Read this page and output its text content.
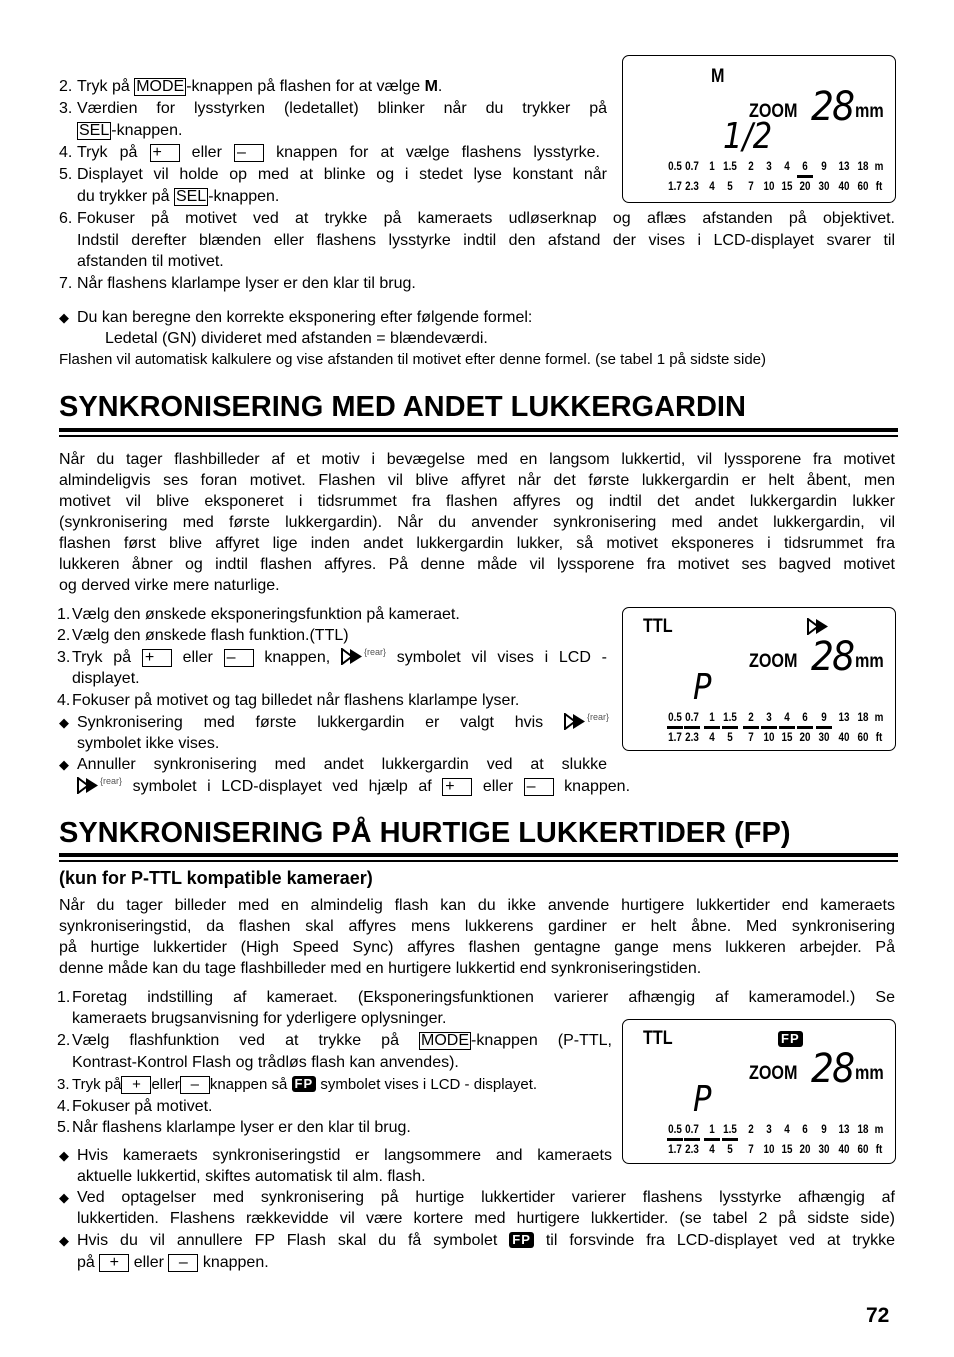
2. Tryk på MODE -knappen på flashen for at vælge M.
3. Værdien for lysstyrken (ledetallet) blinker når du trykker på
SEL -knappen.
4. Tryk på + eller – knappen for at vælge flashens lysstyrke.
5. Displayet vil holde op med at blinke og i stedet lyse konstant når
du trykker på SEL -knappen.
6. Fokuser på motivet ved at trykke på kameraets udløserknap og aflæs afstanden på objektivet.
Indstil derefter blænden eller flashens lysstyrke indtil den afstand der vises i LCD-displayet svarer til
afstanden til motivet.
7. Når flashens klarlampe lyser er den klar til brug.
◆ Du kan beregne den korrekte eksponering efter følgende formel:
Ledetal (GN) divideret med afstanden = blændeværdi.
Flashen vil automatisk kalkulere og vise afstanden til motivet efter denne formel. (se tabel 1 på sidste side)
M
ZOOM 28 mm
1/2
0.5 0.7 1 1.5 2 3 4 6 9 13 18 m
1.7 2.3 4 5 7 10 15 20 30 40 60 ft
SYNKRONISERING MED ANDET LUKKERGARDIN
Når du tager flashbilleder af et motiv i bevægelse med en langsom lukkertid, vil lyssporene fra motivet
almindeligvis ses foran motivet. Flashen vil blive affyret når det første lukkergardin er helt åbent, men
motivet vil blive eksponeret i tidsrummet fra flashen affyres og indtil det andet lukkergardin lukker
(synkronisering med første lukkergardin). Når du anvender synkronisering med andet lukkergardin, vil
flashen først blive affyret lige inden andet lukkergardin lukker, så motivet eksponeres i tidsrummet fra
lukkeren åbner og indtil flashen affyres. På denne måde vil lyssporene fra motivet ses bagved motivet
og derved virke mere naturlige.
1. Vælg den ønskede eksponeringsfunktion på kameraet.
2. Vælg den ønskede flash funktion.(TTL)
3. Tryk på + eller – knappen,	$^{\{rear\}}$ symbolet vil vises i LCD -
displayet.
4. Fokuser på motivet og tag billedet når flashens klarlampe lyser.
◆ Synkronisering med første lukkergardin er valgt hvis	$^{\{rear\}}$
symbolet ikke vises.
◆ Annuller synkronisering med andet lukkergardin ved at slukke
$^{\{rear\}}$ symbolet i LCD-displayet ved hjælp af + eller – knappen.
TTL
ZOOM 28 mm
P
0.5 0.7 1 1.5 2 3 4 6 9 13 18 m
1.7 2.3 4 5 7 10 15 20 30 40 60 ft
SYNKRONISERING PÅ HURTIGE LUKKERTIDER (FP)
(kun for P-TTL kompatible kameraer)
Når du tager billeder med en almindelig flash kan du ikke anvende hurtigere lukkertider end kameraets
synkroniseringstid, da flashen skal affyres mens lukkerens gardiner er helt åbne. Med synkronisering
på hurtige lukkertider (High Speed Sync) affyres flashen gentagne gange mens lukkeren arbejder. På
denne måde kan du tage flashbilleder med en hurtigere lukkertid end synkroniseringstiden.
1. Foretag indstilling af kameraet. (Eksponeringsfunktionen varierer afhængig af kameramodel.) Se
kameraets brugsanvisning for yderligere oplysninger.
2. Vælg flashfunktion ved at trykke på MODE -knappen (P-TTL,
Kontrast-Kontrol Flash og trådløs flash kan anvendes).
3. Tryk på + eller – knappen så FP symbolet vises i LCD - displayet.
4. Fokuser på motivet.
5. Når flashens klarlampe lyser er den klar til brug.
◆ Hvis kameraets synkroniseringstid er langsommere and kameraets
aktuelle lukkertid, skiftes automatisk til alm. flash.
◆ Ved optagelser med synkronisering på hurtige lukkertider varierer flashens lysstyrke afhængig af
lukkertiden. Flashens rækkevidde vil være kortere med hurtigere lukkertider. (se tabel 2 på sidste side)
◆ Hvis du vil annullere FP Flash skal du få symbolet FP til forsvinde fra LCD-displayet ved at trykke
på + eller – knappen.
TTL	FP
ZOOM 28 mm
P
0.5 0.7 1 1.5 2 3 4 6 9 13 18 m
1.7 2.3 4 5 7 10 15 20 30 40 60 ft
72
